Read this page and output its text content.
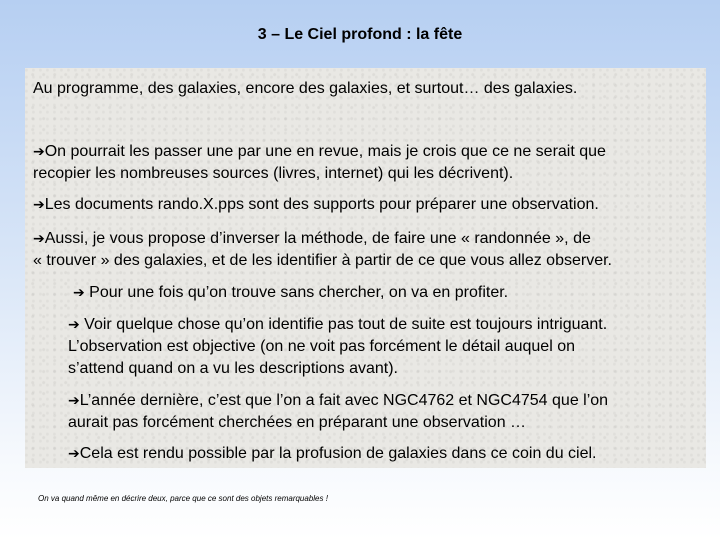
3 – Le Ciel profond : la fête
Au programme, des galaxies, encore des galaxies, et surtout… des galaxies.
➔On pourrait les passer une par une en revue, mais je crois que ce ne serait que
recopier les nombreuses sources (livres, internet) qui les décrivent).
➔Les documents rando.X.pps sont des supports pour préparer une observation.
➔Aussi, je vous propose d’inverser la méthode, de faire une « randonnée », de
« trouver » des galaxies, et de les identifier à partir de ce que vous allez observer.
➔ Pour une fois qu’on trouve sans chercher, on va en profiter.
➔ Voir quelque chose qu’on identifie pas tout de suite est toujours intriguant.
L’observation est objective (on ne voit pas forcément le détail auquel on
s’attend quand on a vu les descriptions avant).
➔L’année dernière, c’est que l’on a fait avec NGC4762 et NGC4754 que l’on
aurait pas forcément cherchées en préparant une observation …
➔Cela est rendu possible par la profusion de galaxies dans ce coin du ciel.
On va quand même en décrire deux, parce que ce sont des objets remarquables !
